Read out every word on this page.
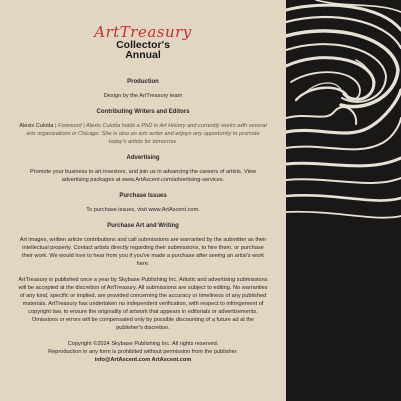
ArtTreasury
Collector's
Annual

Production

Design by the ArtTreasury team

Contributing Writers and Editors

Alexis Culotta | Foreword | Alexis Culotta holds a PhD in Art History and currently works with several arts organizations in Chicago. She is also an arts writer and enjoys any opportunity to promote today's artists for tomorrow.

Advertising

Promote your business to art investors, and join us in advancing the careers of artists. View advertising packages at www.ArtAscent.com/advertising-services.

Purchase Issues

To purchase issues, visit www.ArtAscent.com.

Purchase Art and Writing

Art images, written article contributions and call submissions are warranted by the submitter as their intellectual property. Contact artists directly regarding their submissions, to hire them, or purchase their work. We would love to hear from you if you've made a purchase after seeing an artist's work here.

ArtTreasury is published once a year by Skybase Publishing Inc. Artistic and advertising submissions will be accepted at the discretion of ArtTreasury. All submissions are subject to editing. No warranties of any kind, specific or implied, are provided concerning the accuracy or timeliness of any published materials. ArtTreasury has undertaken no independent verification, with respect to infringement of copyright law, to ensure the originality of artwork that appears in editorials or advertisements. Omissions or errors will be compensated only by possible discounting of a future ad at the publisher's discretion.

Copyright ©2024 Skybase Publishing Inc. All rights reserved.

Reproduction in any form is prohibited without permission from the publisher.

info@ArtAscent.com ArtAscent.com
